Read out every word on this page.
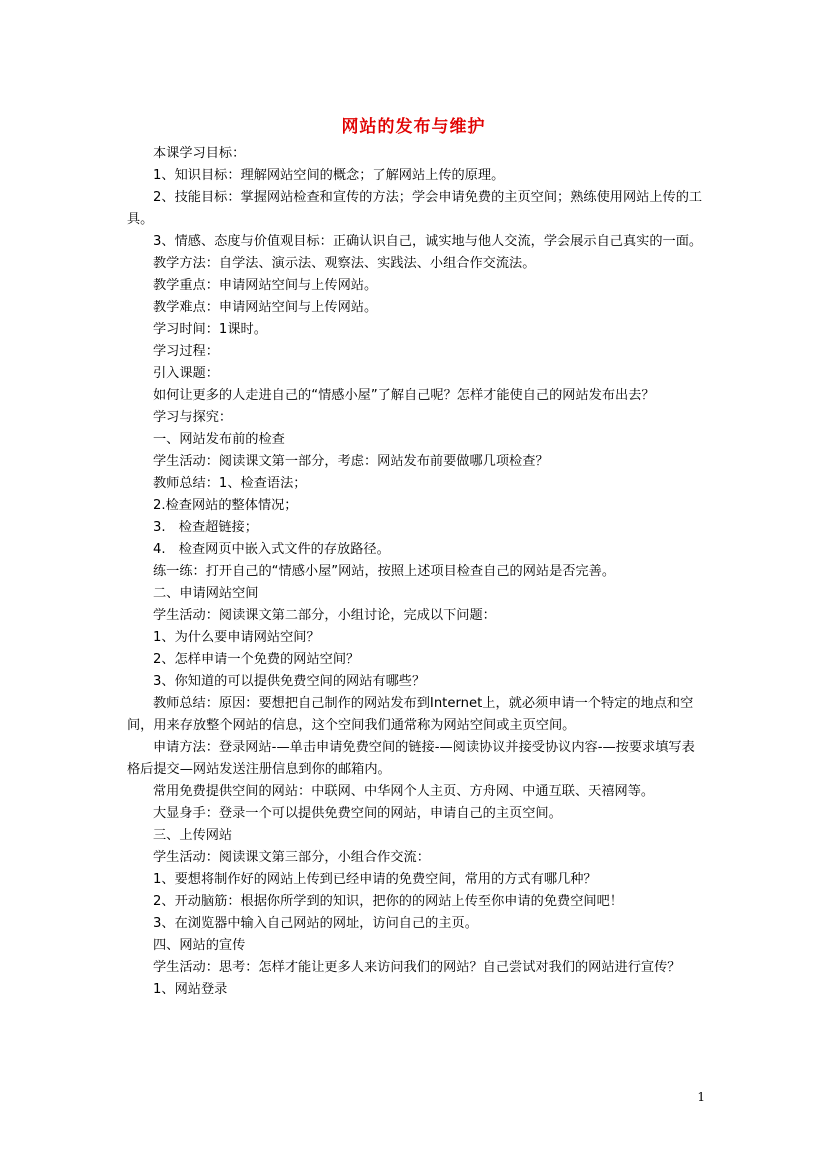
网站的发布与维护

本课学习目标：

1、知识目标：理解网站空间的概念；了解网站上传的原理。

2、技能目标：掌握网站检查和宣传的方法；学会申请免费的主页空间；熟练使用网站上传的工具。

3、情感、态度与价值观目标：正确认识自己，诚实地与他人交流，学会展示自己真实的一面。

教学方法：自学法、演示法、观察法、实践法、小组合作交流法。

教学重点：申请网站空间与上传网站。

教学难点：申请网站空间与上传网站。

学习时间：1课时。

学习过程：

引入课题：

如何让更多的人走进自己的“情感小屋”了解自己呢？怎样才能使自己的网站发布出去？

学习与探究：

一、网站发布前的检查

学生活动：阅读课文第一部分，考虑：网站发布前要做哪几项检查？

教师总结：1、检查语法；

2.检查网站的整体情况；

3.　检查超链接；

4.　检查网页中嵌入式文件的存放路径。

练一练：打开自己的“情感小屋”网站，按照上述项目检查自己的网站是否完善。

二、申请网站空间

学生活动：阅读课文第二部分，小组讨论，完成以下问题：

1、为什么要申请网站空间？

2、怎样申请一个免费的网站空间？

3、你知道的可以提供免费空间的网站有哪些？

教师总结：原因：要想把自己制作的网站发布到Internet上，就必须申请一个特定的地点和空间，用来存放整个网站的信息，这个空间我们通常称为网站空间或主页空间。

申请方法：登录网站-—单击申请免费空间的链接-—阅读协议并接受协议内容-—按要求填写表格后提交—网站发送注册信息到你的邮箱内。

常用免费提供空间的网站：中联网、中华网个人主页、方舟网、中通互联、天禧网等。

大显身手：登录一个可以提供免费空间的网站，申请自己的主页空间。

三、上传网站

学生活动：阅读课文第三部分，小组合作交流：

1、要想将制作好的网站上传到已经申请的免费空间，常用的方式有哪几种？

2、开动脑筋：根据你所学到的知识，把你的的网站上传至你申请的免费空间吧！

3、在浏览器中输入自己网站的网址，访问自己的主页。

四、网站的宣传

学生活动：思考：怎样才能让更多人来访问我们的网站？自己尝试对我们的网站进行宣传？

1、网站登录

1
